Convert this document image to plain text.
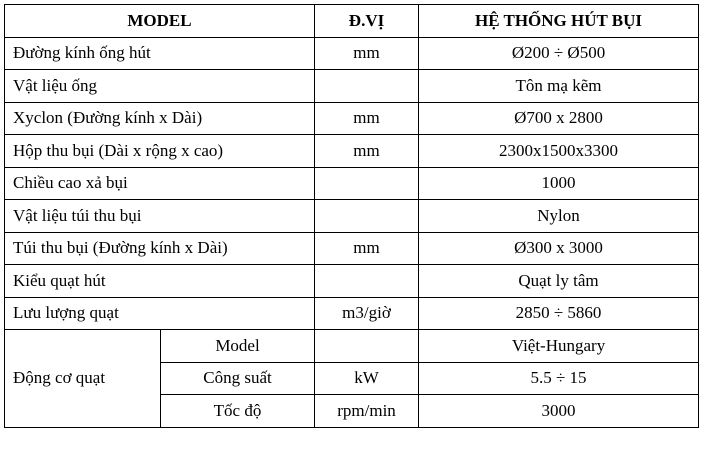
MODEL		Đ.VỊ	HỆ THỐNG HÚT BỤI
Đường kính ống hút		mm	Ø200 ÷ Ø500
Vật liệu ống			Tôn mạ kẽm
Xyclon (Đường kính x Dài)		mm	Ø700 x 2800
Hộp thu bụi (Dài x rộng x cao)		mm	2300x1500x3300
Chiều cao xả bụi			1000
Vật liệu túi thu bụi			Nylon
Túi thu bụi (Đường kính x Dài)		mm	Ø300 x 3000
Kiểu quạt hút			Quạt ly tâm
Lưu lượng quạt		m3/giờ	2850 ÷ 5860
Động cơ quạt	Model		Việt-Hungary
	Công suất	kW	5.5 ÷ 15
	Tốc độ	rpm/min	3000
